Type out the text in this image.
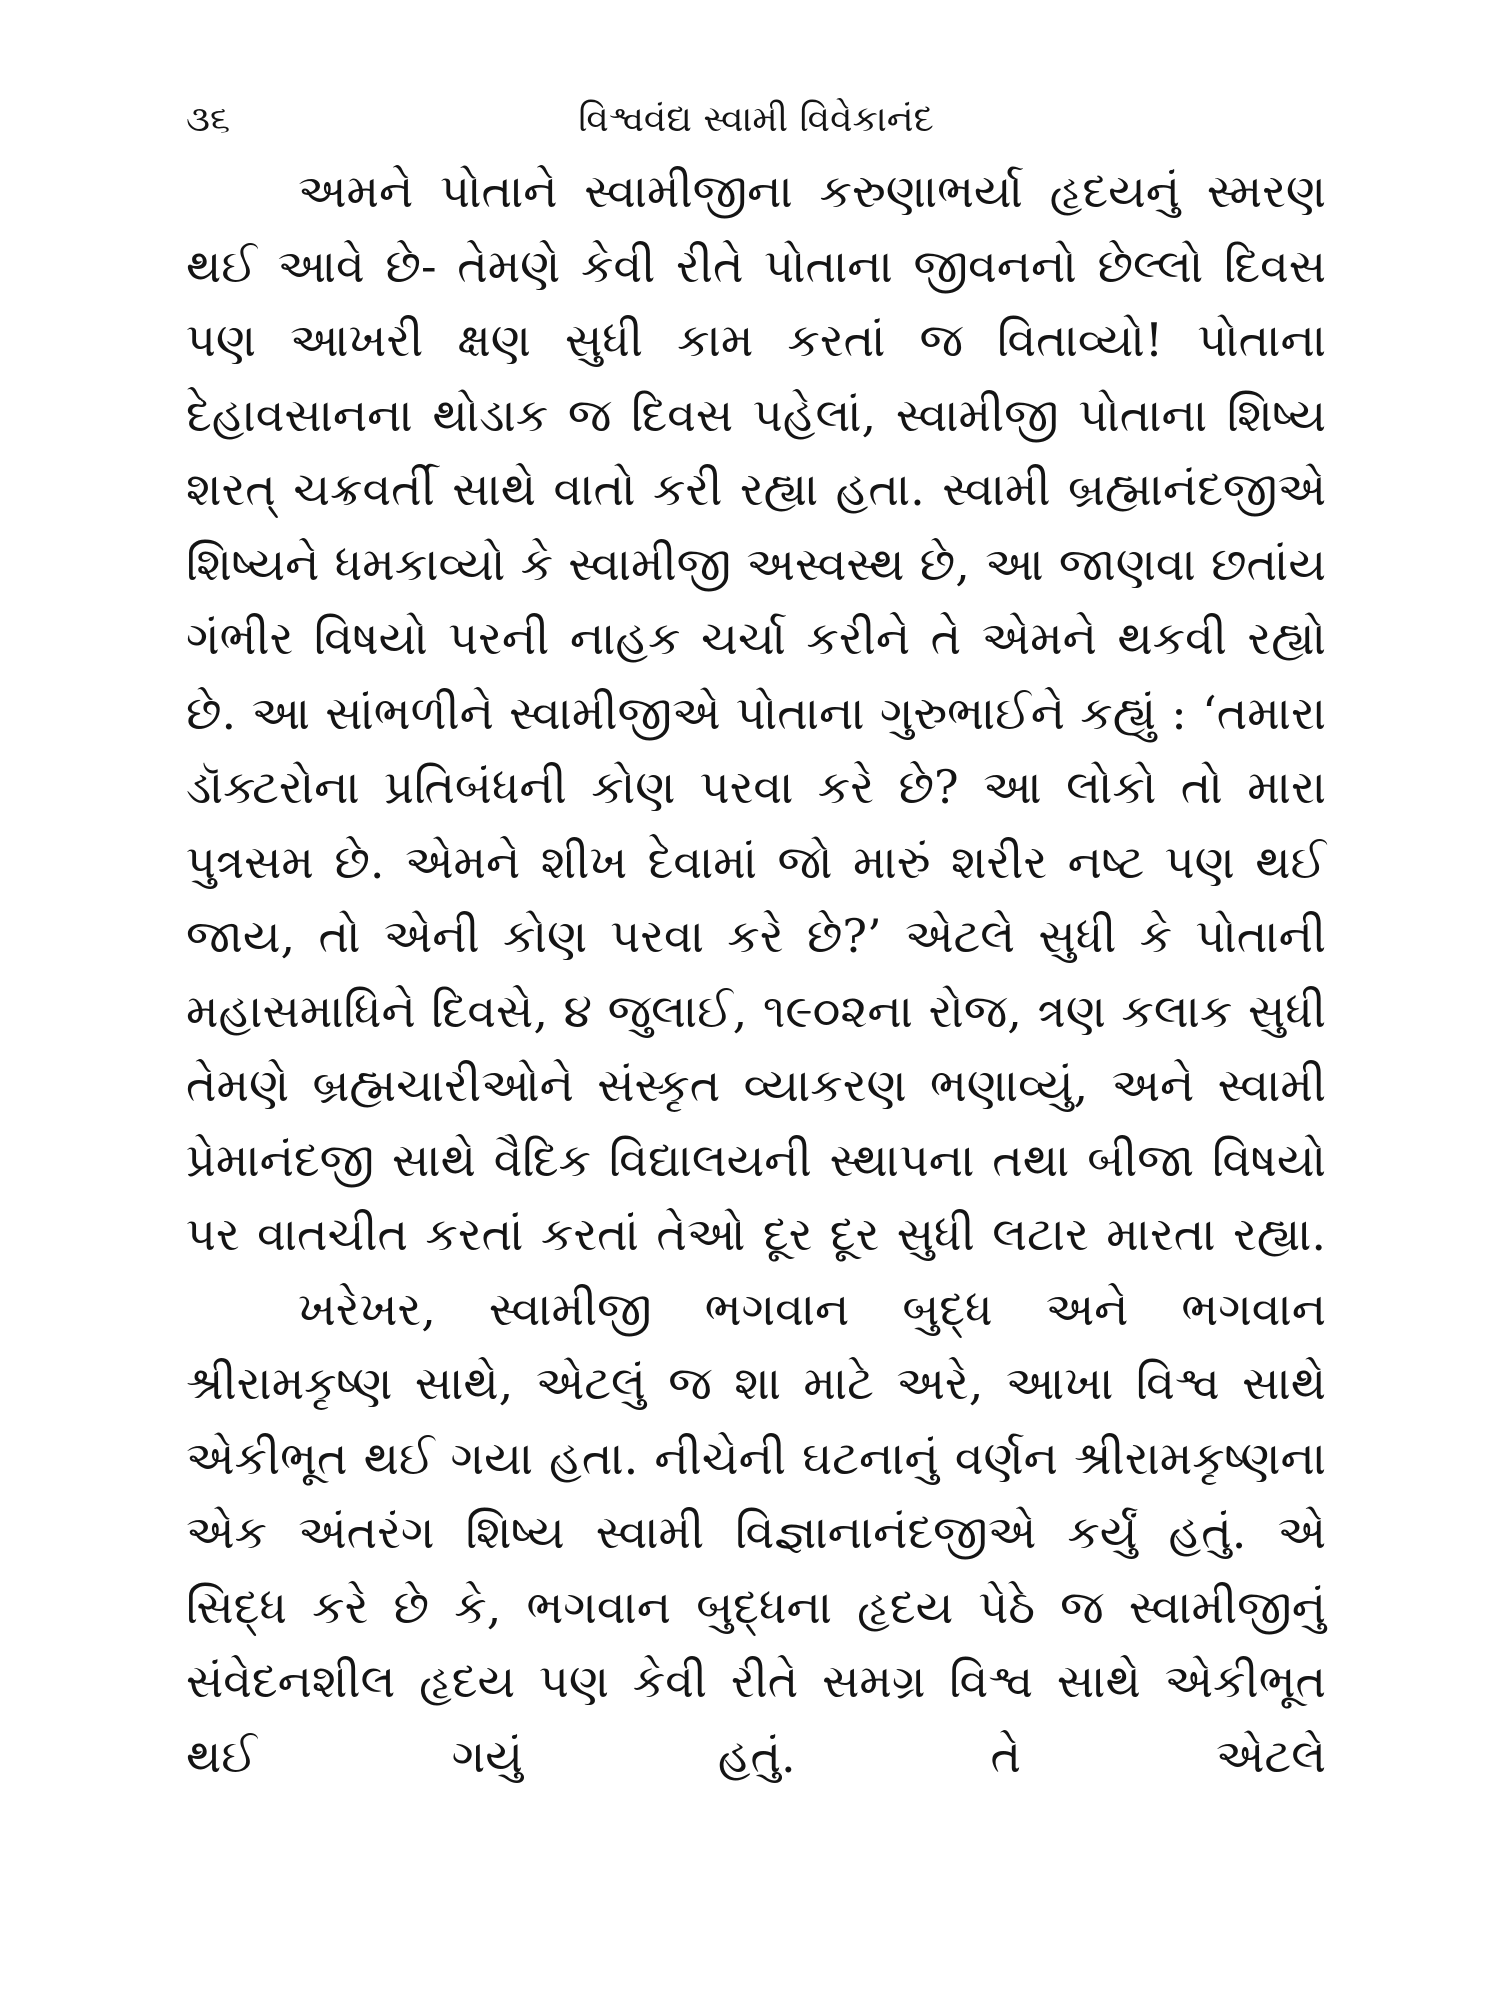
૩૬	વિશ્વવંદ્ય સ્વામી વિવેકાનંદ

અમને પોતાને સ્વામીજીના કરુણાભર્યા હૃદયનું સ્મરણ થઈ આવે છે- તેમણે કેવી રીતે પોતાના જીવનનો છેલ્લો દિવસ પણ આખરી ક્ષણ સુધી કામ કરતાં જ વિતાવ્યો! પોતાના દેહાવસાનના થોડાક જ દિવસ પહેલાં, સ્વામીજી પોતાના શિષ્ય શરત્ ચક્રવર્તી સાથે વાતો કરી રહ્યા હતા. સ્વામી બ્રહ્માનંદજીએ શિષ્યને ધમકાવ્યો કે સ્વામીજી અસ્વસ્થ છે, આ જાણવા છતાંય ગંભીર વિષયો પરની નાહક ચર્ચા કરીને તે એમને થકવી રહ્યો છે. આ સાંભળીને સ્વામીજીએ પોતાના ગુરુભાઈને કહ્યું : ‘તમારા ડૉક્ટરોના પ્રતિબંધની કોણ પરવા કરે છે? આ લોકો તો મારા પુત્રસમ છે. એમને શીખ દેવામાં જો મારું શરીર નષ્ટ પણ થઈ જાય, તો એની કોણ પરવા કરે છે?’ એટલે સુધી કે પોતાની મહાસમાધિને દિવસે, ૪ જુલાઈ, ૧૯૦૨ના રોજ, ત્રણ કલાક સુધી તેમણે બ્રહ્મચારીઓને સંસ્કૃત વ્યાકરણ ભણાવ્યું, અને સ્વામી પ્રેમાનંદજી સાથે વૈદિક વિદ્યાલયની સ્થાપના તથા બીજા વિષયો પર વાતચીત કરતાં કરતાં તેઓ દૂર દૂર સુધી લટાર મારતા રહ્યા.

ખરેખર, સ્વામીજી ભગવાન બુદ્ધ અને ભગવાન શ્રીરામકૃષ્ણ સાથે, એટલું જ શા માટે અરે, આખા વિશ્વ સાથે એકીભૂત થઈ ગયા હતા. નીચેની ઘટનાનું વર્ણન શ્રીરામકૃષ્ણના એક અંતરંગ શિષ્ય સ્વામી વિજ્ઞાનાનંદજીએ કર્યું હતું. એ સિદ્ધ કરે છે કે, ભગવાન બુદ્ધના હૃદય પેઠે જ સ્વામીજીનું સંવેદનશીલ હૃદય પણ કેવી રીતે સમગ્ર વિશ્વ સાથે એકીભૂત થઈ ગયું હતું. તે એટલે
